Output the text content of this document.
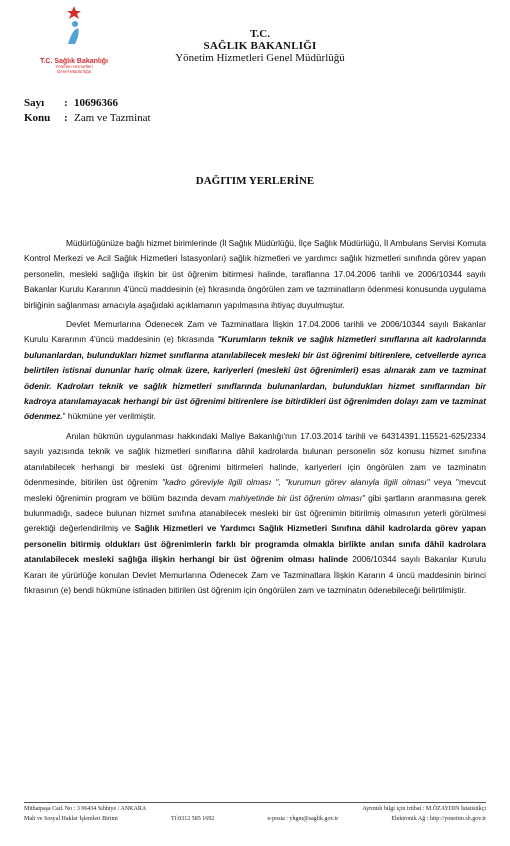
T.C. Sağlık Bakanlığı
Yönetim Hizmetleri
Genel Müdürlüğü
T.C.
SAĞLIK BAKANLIĞI
Yönetim Hizmetleri Genel Müdürlüğü
Sayı	: 10696366
Konu	: Zam ve Tazminat
DAĞITIM YERLERİNE

Müdürlüğünüze bağlı hizmet birimlerinde (İl Sağlık Müdürlüğü, İlçe Sağlık Müdürlüğü, İl Ambulans Servisi Komuta Kontrol Merkezi ve Acil Sağlık Hizmetleri İstasyonları) sağlık hizmetleri ve yardımcı sağlık hizmetleri sınıfında görev yapan personelin, mesleki sağlığa ilişkin bir üst öğrenim bitirmesi halinde, taraflarına 17.04.2006 tarihli ve 2006/10344 sayılı Bakanlar Kurulu Kararının 4'üncü maddesinin (e) fıkrasında öngörülen zam ve tazminatların ödenmesi konusunda uygulama birliğinin sağlanması amacıyla aşağıdaki açıklamanın yapılmasına ihtiyaç duyulmuştur.

Devlet Memurlarına Ödenecek Zam ve Tazminatlara İlişkin 17.04.2006 tarihli ve 2006/10344 sayılı Bakanlar Kurulu Kararının 4'üncü maddesinin (e) fıkrasında "Kurumların teknik ve sağlık hizmetleri sınıflarına ait kadrolarında bulunanlardan, bulundukları hizmet sınıflarına atanılabilecek mesleki bir üst öğrenimi bitirenlere, cetvellerde ayrıca belirtilen istisnai dununlar hariç olmak üzere, kariyerleri (mesleki üst öğrenimleri) esas alınarak zam ve tazminat ödenir. Kadroları teknik ve sağlık hizmetleri sınıflarında bulunanlardan, bulundukları hizmet sınıflarından bir kadroya atanılamayacak herhangi bir üst öğrenimi bitirenlere ise bitirdikleri üst öğrenimden dolayı zam ve tazminat ödenmez." hükmüne yer verilmiştir.

Anılan hükmün uygulanması hakkındaki Maliye Bakanlığı'nın 17.03.2014 tarihli ve 64314391.115521-625/2334 sayılı yazısında teknik ve sağlık hizmetleri sınıflarına dâhil kadrolarda bulunan personelin söz konusu hizmet sınıfına atanılabilecek herhangi bir mesleki üst öğrenimi bitirmeleri halinde, kariyerleri için öngörülen zam ve tazminatın ödenmesinde, bitirilen üst öğrenim "kadro göreviyle ilgili olması ", "kurumun görev alanıyla ilgili olması" veya "mevcut mesleki öğrenimin program ve bölüm bazında devam mahiyetinde bir üst öğrenim olması" gibi şartların aranmasına gerek bulunmadığı, sadece bulunan hizmet sınıfına atanabilecek mesleki bir üst öğrenimin bitirilmiş olmasının yeterli görülmesi gerektiği değerlendirilmiş ve Sağlık Hizmetleri ve Yardımcı Sağlık Hizmetleri Sınıfına dâhil kadrolarda görev yapan personelin bitirmiş oldukları üst öğrenimlerin farklı bir programda olmakla birlikte anılan sınıfa dâhil kadrolara atanılabilecek mesleki sağlığa ilişkin herhangi bir üst öğrenim olması halinde 2006/10344 sayılı Bakanlar Kurulu Kararı ile yürürlüğe konulan Devlet Memurlarına Ödenecek Zam ve Tazminatlara İlişkin Kararın 4 üncü maddesinin birinci fıkrasının (e) bendi hükmüne istinaden bitirilen üst öğrenim için öngörülen zam ve tazminatın ödenebileceği belirtilmiştir.

Mithatpaşa Cad. No : 3 06434 Sıhhiye / ANKARA	Ayrıntılı bilgi için irtibat : M.ÖZAYDIN İstatistikçi
Mali ve Sosyal Haklar İşlemleri Birimi	Tf:0312 585 1692	e-posta : yhgm@saglik.gov.tr	Elektronik Ağ : http://yonetim.sb.gov.tr
